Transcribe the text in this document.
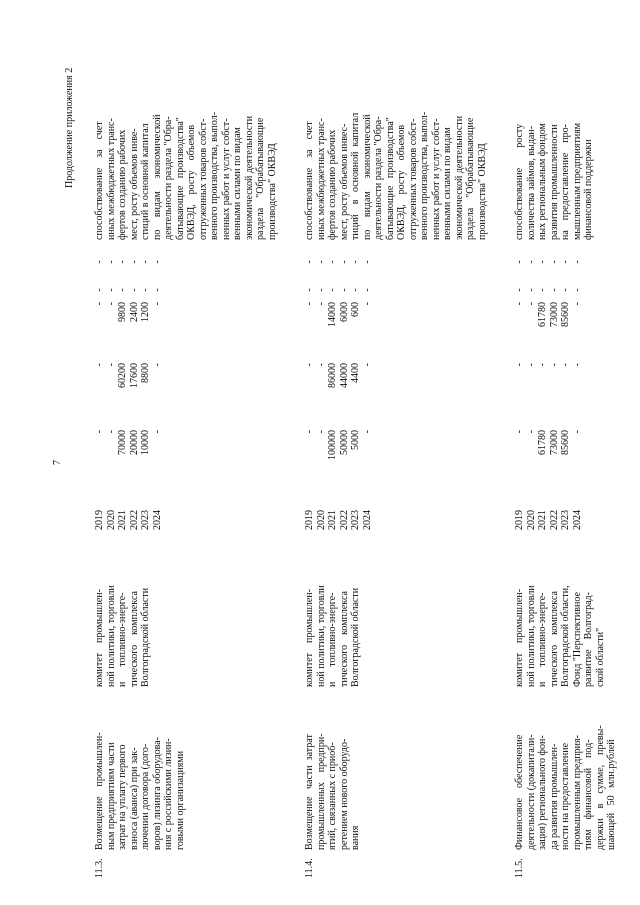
7
Продолжение приложения 2
11.3.
Возмещение    промышлен- ным предприятиям части затрат на уплату первого взноса (аванса) при зак- лючении договора (дого- воров) лизинга оборудова- ния с российскими лизин- говыми организациями
комитет    промышлен- ной политики, торговли и      топливно-энерге- тического    комплекса Волгоградской области
2019 2020 2021 2022 2023 2024
- - 70000 20000 10000 -
- - 60200 17600 8800 -
- - 9800 2400 1200 -
- - - - - -
- - - - - -
способствование    за    счет иных межбюджетных транс- фертов созданию рабочих мест, росту объемов инве- стиций в основной капитал по     видам     экономической деятельности раздела "Обра- батывающие   производства" ОКВЭД,    росту    объемов отгруженных товаров собст- венного производства, выпол- ненных работ и услуг собст- венными силами по видам экономической деятельности раздела    "Обрабатывающие производства" ОКВЭД
11.4.
Возмещение   части  затрат промышленных    предпри- ятий, связанных с приоб- ретением нового оборудо- вания
комитет    промышлен- ной политики, торговли и      топливно-энерге- тического    комплекса Волгоградской области
2019 2020 2021 2022 2023 2024
- - 100000 50000 5000 -
- - 86000 44000 4400 -
- - 14000 6000 600 -
- - - - - -
- - - - - -
способствование    за    счет иных межбюджетных транс- фертов созданию рабочих мест, росту объемов инвес- тиций    в   основной  капитал по     видам     экономической деятельности раздела "Обра- батывающие   производства" ОКВЭД,    росту    объемов отгруженных товаров собст- венного производства, выпол- ненных работ и услуг собст- венными силами по видам экономической деятельности раздела    "Обрабатывающие производства" ОКВЭД
11.5.
Финансовое    обеспечение деятельности (докапитали- зация) регионального фон- да развития промышлен- ности на предоставление промышленным предприя- тиям    финансовой    под- держки    в    сумме,    превы- шающей   50   млн.рублей
комитет    промышлен- ной политики, торговли и      топливно-энерге- тического    комплекса Волгоградской области, Фонд "Перспективное развитие    Волгоград- ской области"
2019 2020 2021 2022 2023 2024
- - 61780 73000 85600 -
- - - - - -
- - 61780 73000 85600 -
- - - - - -
- - - - - -
способствование        росту количества займов, выдан- ных региональным фондом развития промышленности на    предоставление    про- мышленным предприятиям финансовой поддержки
